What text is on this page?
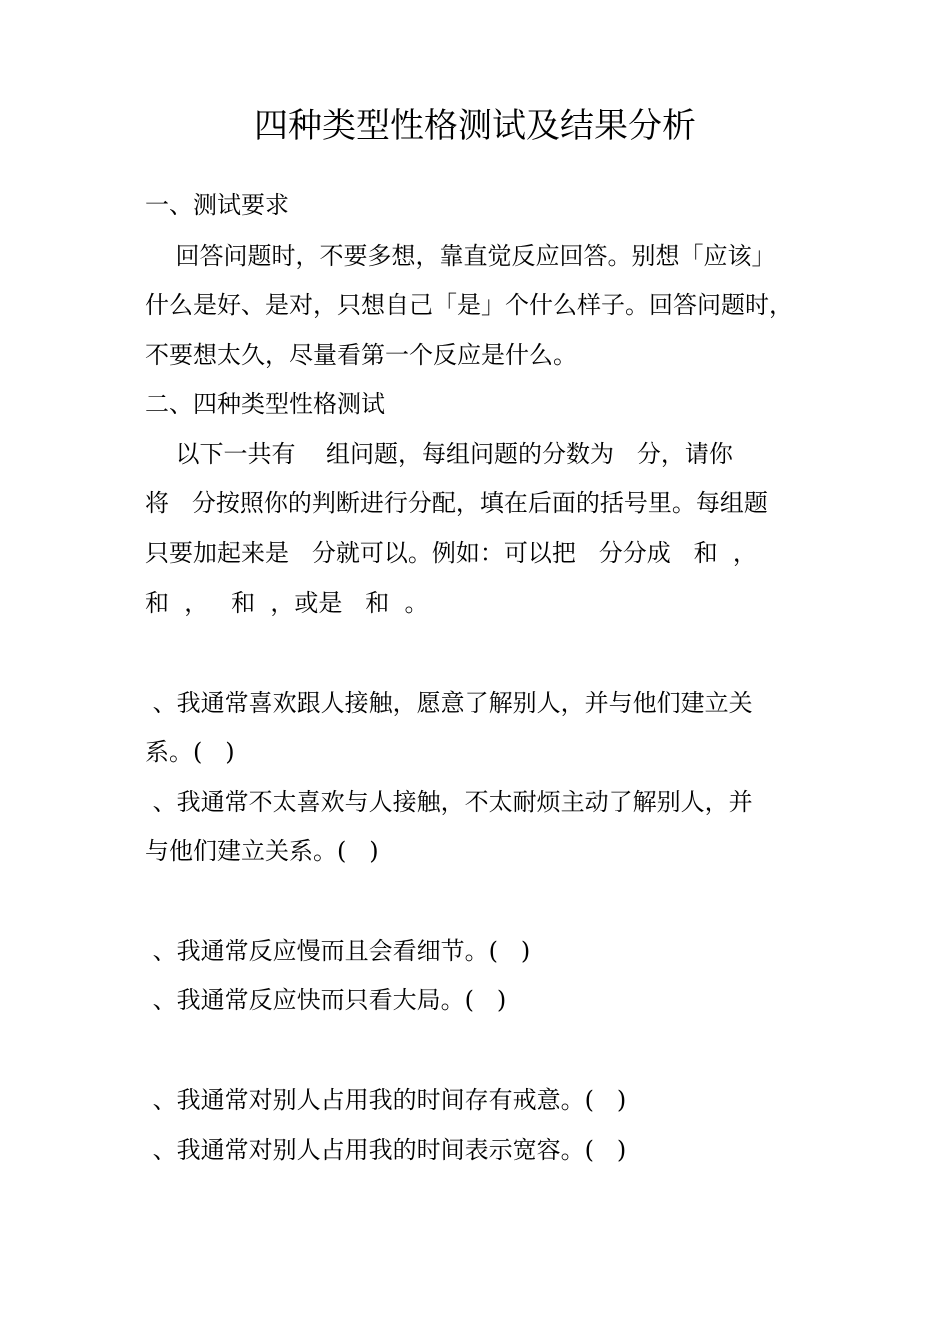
四种类型性格测试及结果分析
一、测试要求
回答问题时，不要多想，靠直觉反应回答。别想「应该」
什么是好、是对，只想自己「是」个什么样子。回答问题时，
不要想太久，尽量看第一个反应是什么。
二、四种类型性格测试
以下一共有    组问题，每组问题的分数为   分，请你
将   分按照你的判断进行分配，填在后面的括号里。每组题
只要加起来是   分就可以。例如：可以把   分分成   和  ，
和  ，   和  ，或是   和  。
、我通常喜欢跟人接触，愿意了解别人，并与他们建立关
系。(   )
、我通常不太喜欢与人接触，不太耐烦主动了解别人，并
与他们建立关系。(   )
、我通常反应慢而且会看细节。(   )
、我通常反应快而只看大局。(   )
、我通常对别人占用我的时间存有戒意。(   )
、我通常对别人占用我的时间表示宽容。(   )
